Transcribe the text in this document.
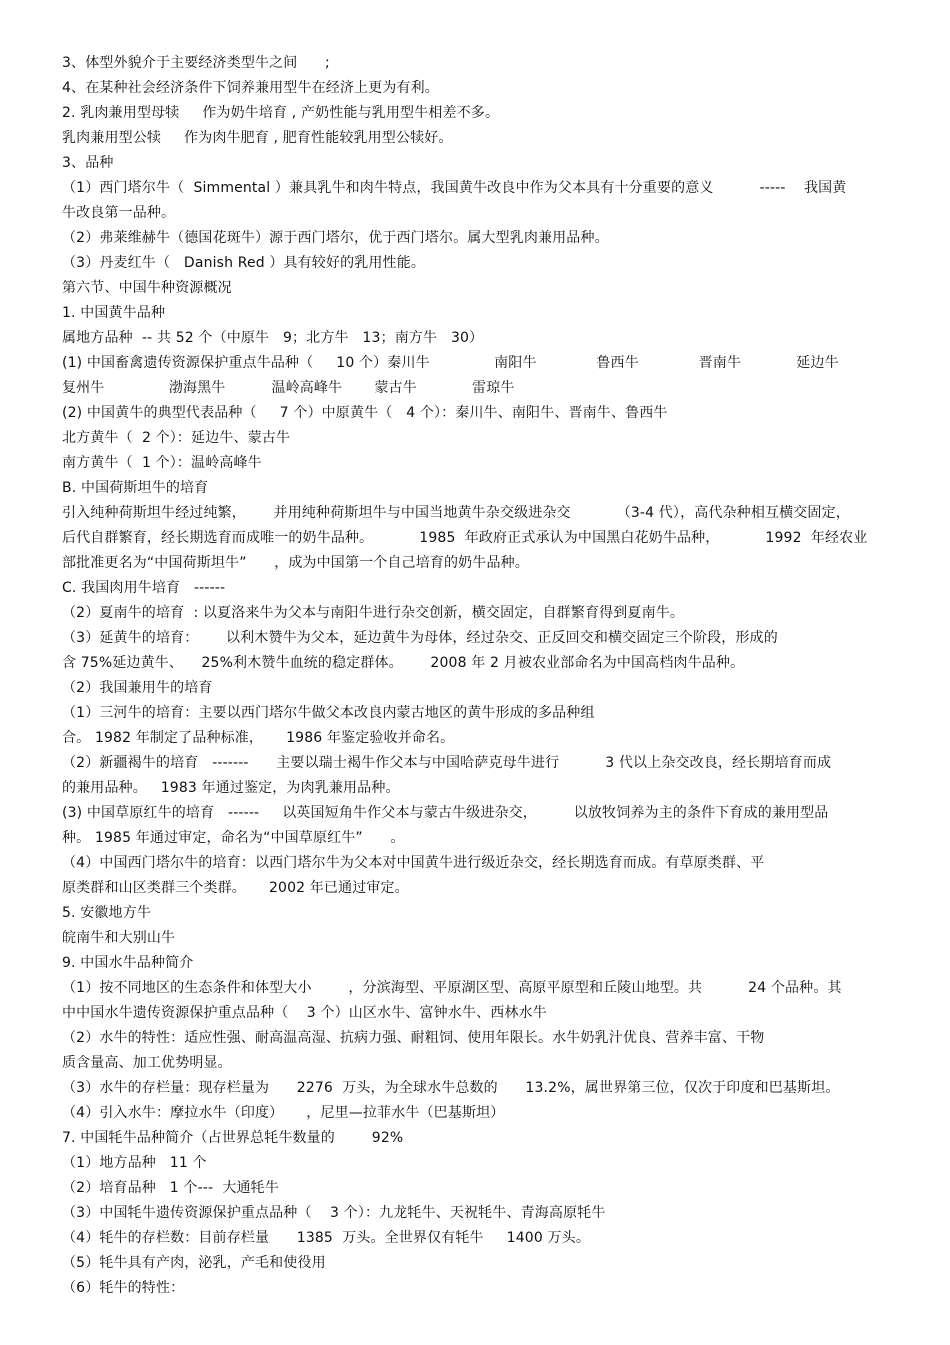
3、体型外貌介于主要经济类型牛之间      ;
4、在某种社会经济条件下饲养兼用型牛在经济上更为有利。
2. 乳肉兼用型母犊     作为奶牛培育 , 产奶性能与乳用型牛相差不多。
乳肉兼用型公犊     作为肉牛肥育 , 肥育性能较乳用型公犊好。
3、品种
（1）西门塔尔牛（  Simmental ）兼具乳牛和肉牛特点，我国黄牛改良中作为父本具有十分重要的意义          -----    我国黄
牛改良第一品种。
（2）弗莱维赫牛（德国花斑牛）源于西门塔尔，优于西门塔尔。属大型乳肉兼用品种。
（3）丹麦红牛（   Danish Red ）具有较好的乳用性能。
第六节、中国牛种资源概况
1. 中国黄牛品种
属地方品种  -- 共 52 个（中原牛   9；北方牛   13；南方牛   30）
(1) 中国畜禽遗传资源保护重点牛品种（     10 个）秦川牛              南阳牛             鲁西牛             晋南牛            延边牛
复州牛              渤海黑牛          温岭高峰牛       蒙古牛            雷琼牛
(2) 中国黄牛的典型代表品种（     7 个）中原黄牛（   4 个）：秦川牛、南阳牛、晋南牛、鲁西牛
北方黄牛（  2 个）：延边牛、蒙古牛
南方黄牛（  1 个）：温岭高峰牛
B. 中国荷斯坦牛的培育
引入纯种荷斯坦牛经过纯繁，      并用纯种荷斯坦牛与中国当地黄牛杂交级进杂交          （3-4 代），高代杂种相互横交固定，
后代自群繁育，经长期选育而成唯一的奶牛品种。          1985  年政府正式承认为中国黑白花奶牛品种，          1992  年经农业
部批准更名为“中国荷斯坦牛”      ，成为中国第一个自己培育的奶牛品种。
C. 我国肉用牛培育   ------
（2）夏南牛的培育  : 以夏洛来牛为父本与南阳牛进行杂交创新，横交固定，自群繁育得到夏南牛。
（3）延黄牛的培育：      以利木赞牛为父本，延边黄牛为母体，经过杂交、正反回交和横交固定三个阶段，形成的
含 75%延边黄牛、    25%利木赞牛血统的稳定群体。      2008 年 2 月被农业部命名为中国高档肉牛品种。
（2）我国兼用牛的培育
（1）三河牛的培育：主要以西门塔尔牛做父本改良内蒙古地区的黄牛形成的多品种组
合。 1982 年制定了品种标准，     1986 年鉴定验收并命名。
（2）新疆褐牛的培育   -------      主要以瑞士褐牛作父本与中国哈萨克母牛进行          3 代以上杂交改良，经长期培育而成
的兼用品种。   1983 年通过鉴定，为肉乳兼用品种。
(3) 中国草原红牛的培育   ------     以英国短角牛作父本与蒙古牛级进杂交，        以放牧饲养为主的条件下育成的兼用型品
种。 1985 年通过审定，命名为“中国草原红牛”      。
（4）中国西门塔尔牛的培育：以西门塔尔牛为父本对中国黄牛进行级近杂交，经长期选育而成。有草原类群、平
原类群和山区类群三个类群。     2002 年已通过审定。
5. 安徽地方牛
皖南牛和大别山牛
9. 中国水牛品种简介
（1）按不同地区的生态条件和体型大小        ，分滨海型、平原湖区型、高原平原型和丘陵山地型。共          24 个品种。其
中中国水牛遗传资源保护重点品种（    3 个）山区水牛、富钟水牛、西林水牛
（2）水牛的特性：适应性强、耐高温高湿、抗病力强、耐粗饲、使用年限长。水牛奶乳汁优良、营养丰富、干物
质含量高、加工优势明显。
（3）水牛的存栏量：现存栏量为      2276  万头，为全球水牛总数的      13.2%，属世界第三位，仅次于印度和巴基斯坦。
（4）引入水牛：摩拉水牛（印度）     ，尼里—拉菲水牛（巴基斯坦）
7. 中国牦牛品种简介（占世界总牦牛数量的        92%
（1）地方品种   11 个
（2）培育品种   1 个---  大通牦牛
（3）中国牦牛遗传资源保护重点品种（    3 个）：九龙牦牛、天祝牦牛、青海高原牦牛
（4）牦牛的存栏数：目前存栏量      1385  万头。全世界仅有牦牛     1400 万头。
（5）牦牛具有产肉，泌乳，产毛和使役用
（6）牦牛的特性：
